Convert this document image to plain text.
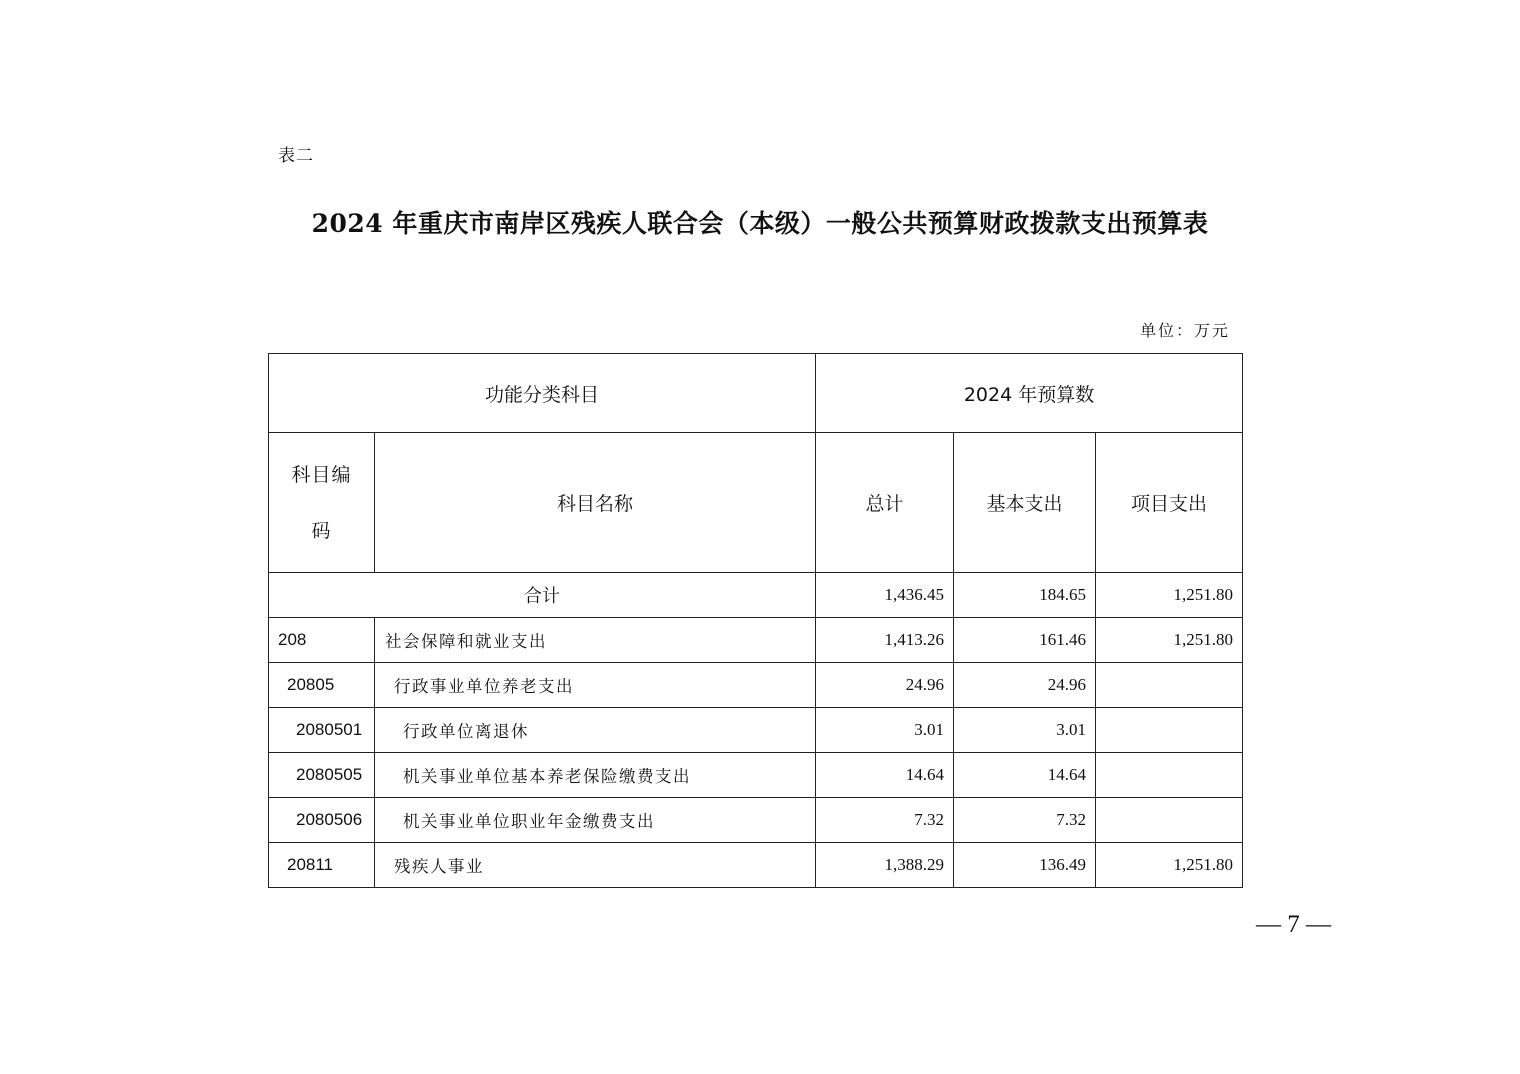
表二
2024 年重庆市南岸区残疾人联合会（本级）一般公共预算财政拨款支出预算表
单位：万元
功能分类科目		2024 年预算数		

科目编
码	科目名称	总计	基本支出	项目支出
合计		1,436.45	184.65	1,251.80
208	社会保障和就业支出	1,413.26	161.46	1,251.80
20805	行政事业单位养老支出	24.96	24.96	
2080501	行政单位离退休	3.01	3.01	
2080505	机关事业单位基本养老保险缴费支出	14.64	14.64	
2080506	机关事业单位职业年金缴费支出	7.32	7.32	
20811	残疾人事业	1,388.29	136.49	1,251.80
— 7 —
